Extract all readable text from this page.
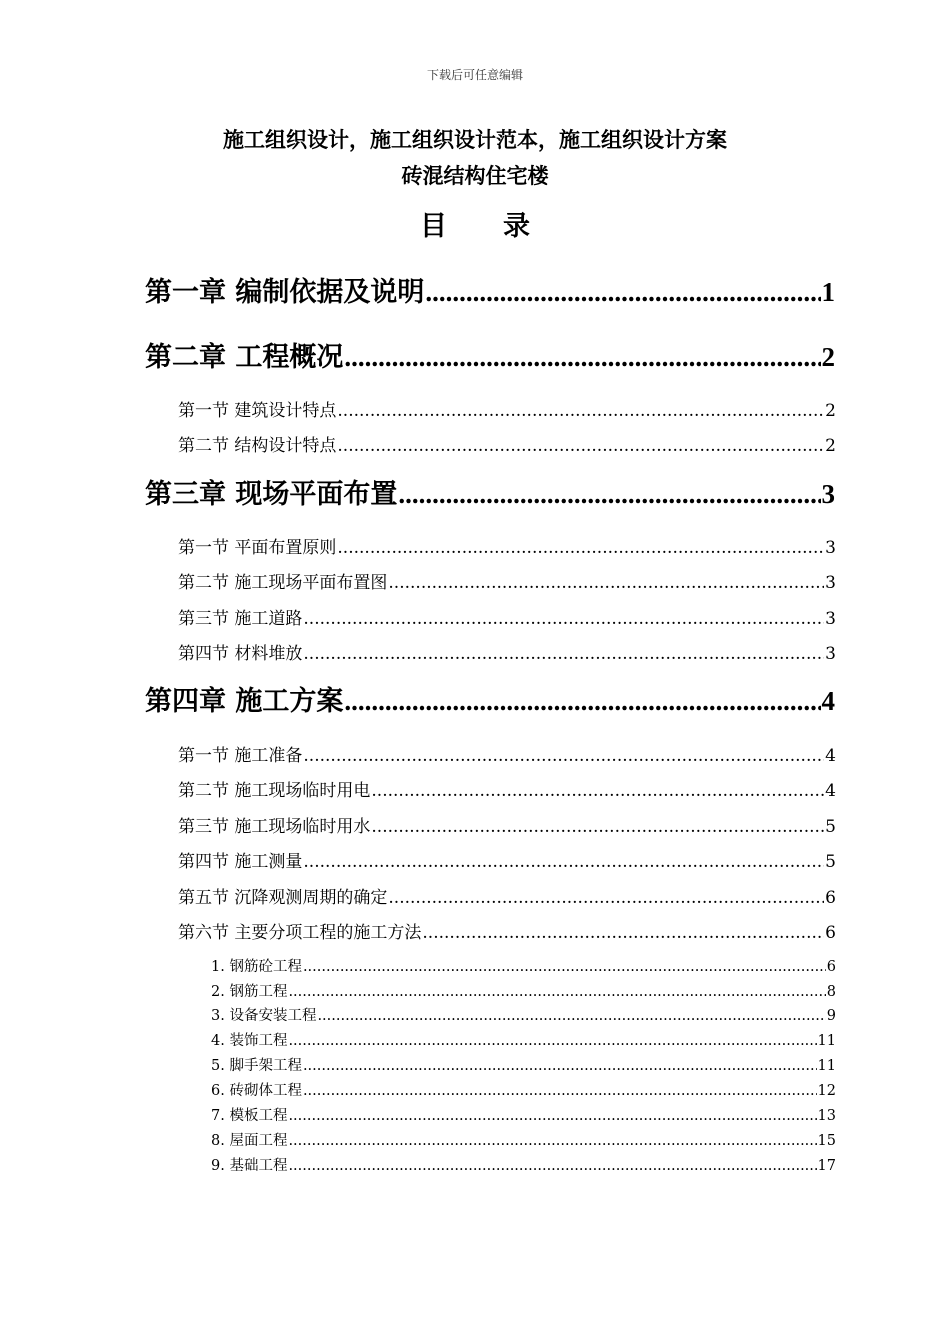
下载后可任意编辑
施工组织设计，施工组织设计范本，施工组织设计方案
砖混结构住宅楼
目录
第一章 编制依据及说明 .....	1
第二章 工程概况 .....	2
第一节 建筑设计特点 .....	2
第二节 结构设计特点 .....	2
第三章 现场平面布置 .....	3
第一节 平面布置原则 .....	3
第二节 施工现场平面布置图 .....	3
第三节 施工道路 .....	3
第四节 材料堆放 .....	3
第四章 施工方案 .....	4
第一节 施工准备 .....	4
第二节 施工现场临时用电 .....	4
第三节 施工现场临时用水 .....	5
第四节 施工测量 .....	5
第五节 沉降观测周期的确定 .....	6
第六节 主要分项工程的施工方法 .....	6
1. 钢筋砼工程 .....	6
2. 钢筋工程 .....	8
3. 设备安装工程 .....	9
4. 装饰工程 .....	11
5. 脚手架工程 .....	11
6. 砖砌体工程 .....	12
7. 模板工程 .....	13
8. 屋面工程 .....	15
9. 基础工程 .....	17
